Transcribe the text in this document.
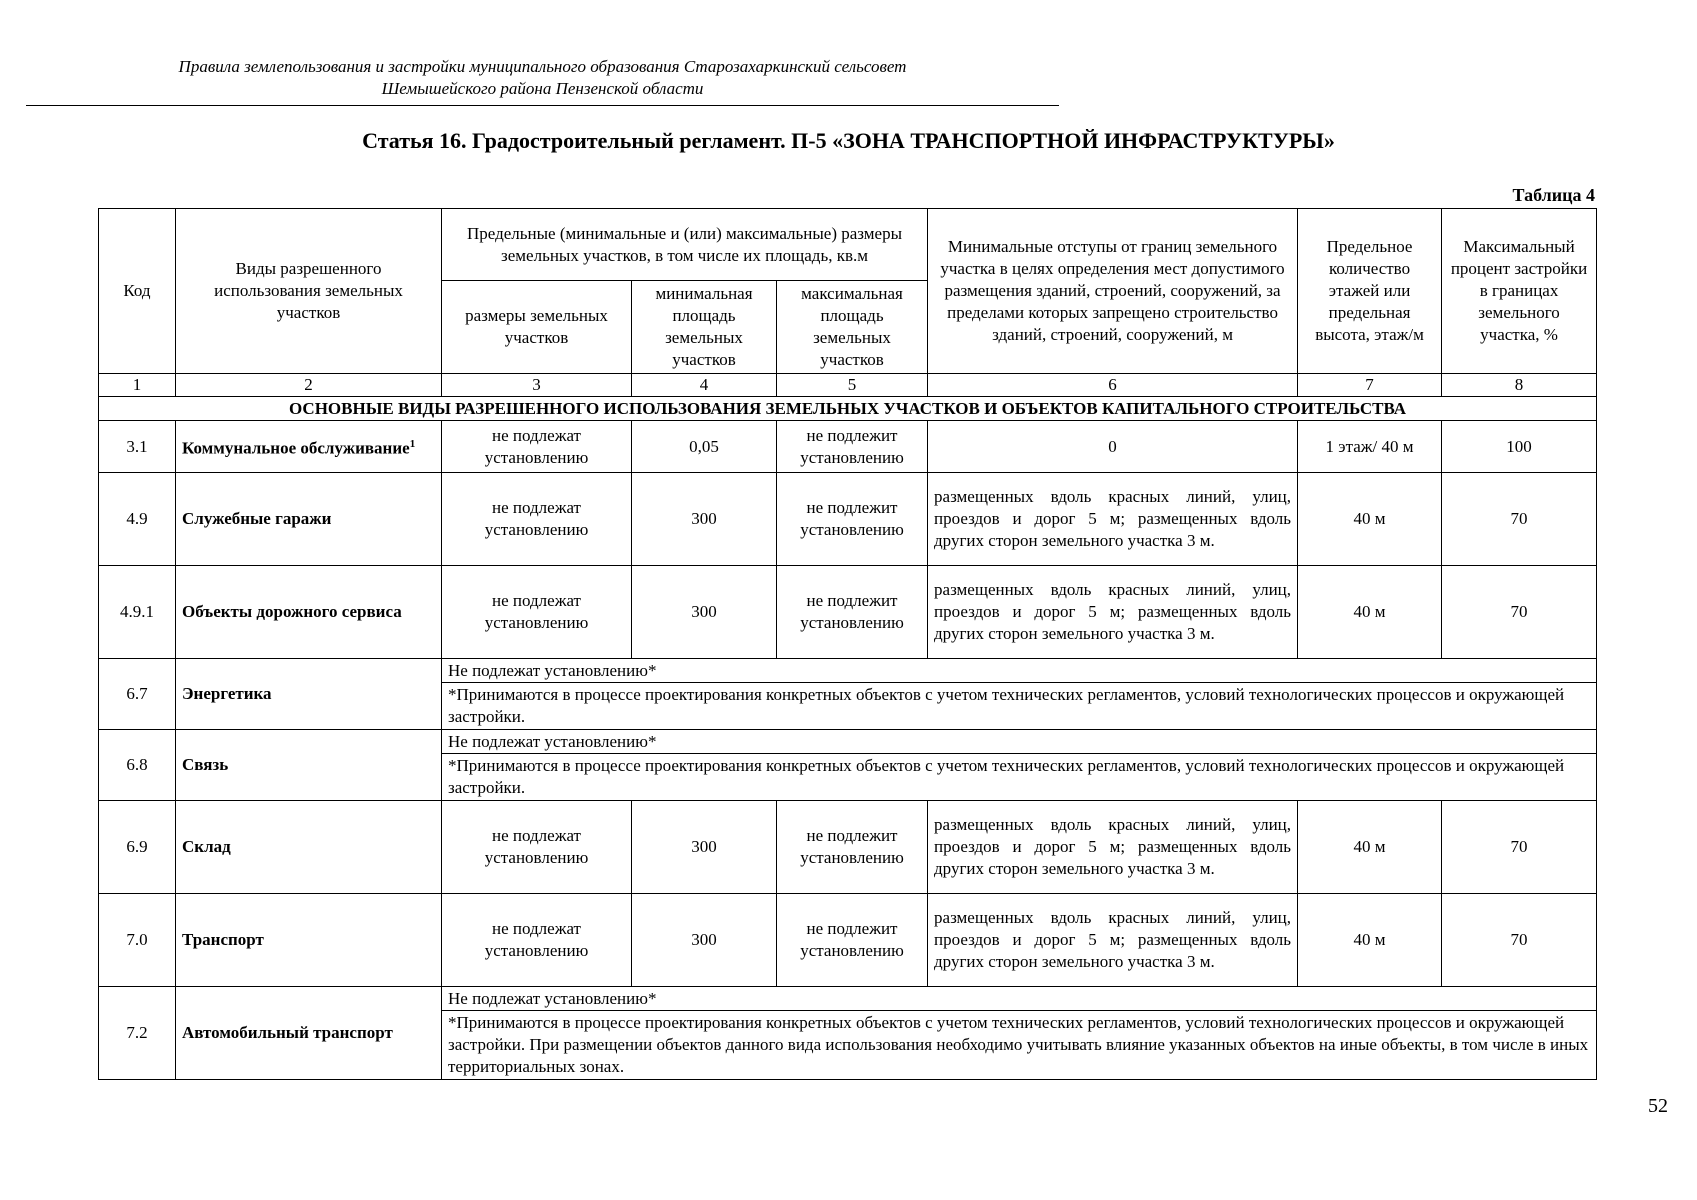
Правила землепользования и застройки муниципального образования Старозахаркинский сельсовет
Шемышейского района Пензенской области
Статья 16. Градостроительный регламент. П-5 «ЗОНА ТРАНСПОРТНОЙ ИНФРАСТРУКТУРЫ»
Таблица 4
Код	Виды разрешенного использования земельных участков	Предельные (минимальные и (или) максимальные) размеры земельных участков, в том числе их площадь, кв.м			Минимальные отступы от границ земельного участка в целях определения мест допустимого размещения зданий, строений, сооружений, за пределами которых запрещено строительство зданий, строений, сооружений, м	Предельное количество этажей или предельная высота, этаж/м	Максимальный процент застройки в границах земельного участка, %
		размеры земельных участков	минимальная площадь земельных участков	максимальная площадь земельных участков			
1	2	3	4	5	6	7	8
ОСНОВНЫЕ ВИДЫ РАЗРЕШЕННОГО ИСПОЛЬЗОВАНИЯ ЗЕМЕЛЬНЫХ УЧАСТКОВ И ОБЪЕКТОВ КАПИТАЛЬНОГО СТРОИТЕЛЬСТВА							
3.1	Коммунальное обслуживание$^1$	не подлежат установлению	0,05	не подлежит установлению	0	1 этаж/ 40 м	100
4.9	Служебные гаражи	не подлежат установлению	300	не подлежит установлению	размещенных вдоль красных линий, улиц, проездов и дорог 5 м; размещенных вдоль других сторон земельного участка 3 м.	40 м	70
4.9.1	Объекты дорожного сервиса	не подлежат установлению	300	не подлежит установлению	размещенных вдоль красных линий, улиц, проездов и дорог 5 м; размещенных вдоль других сторон земельного участка 3 м.	40 м	70
6.7	Энергетика	Не подлежат установлению*					
		*Принимаются в процессе проектирования конкретных объектов с учетом технических регламентов, условий технологических процессов и окружающей застройки.					
6.8	Связь	Не подлежат установлению*					
		*Принимаются в процессе проектирования конкретных объектов с учетом технических регламентов, условий технологических процессов и окружающей застройки.					
6.9	Склад	не подлежат установлению	300	не подлежит установлению	размещенных вдоль красных линий, улиц, проездов и дорог 5 м; размещенных вдоль других сторон земельного участка 3 м.	40 м	70
7.0	Транспорт	не подлежат установлению	300	не подлежит установлению	размещенных вдоль красных линий, улиц, проездов и дорог 5 м; размещенных вдоль других сторон земельного участка 3 м.	40 м	70
7.2	Автомобильный транспорт	Не подлежат установлению*					
		*Принимаются в процессе проектирования конкретных объектов с учетом технических регламентов, условий технологических процессов и окружающей застройки. При размещении объектов данного вида использования необходимо учитывать влияние указанных объектов на иные объекты, в том числе в иных территориальных зонах.					
52
